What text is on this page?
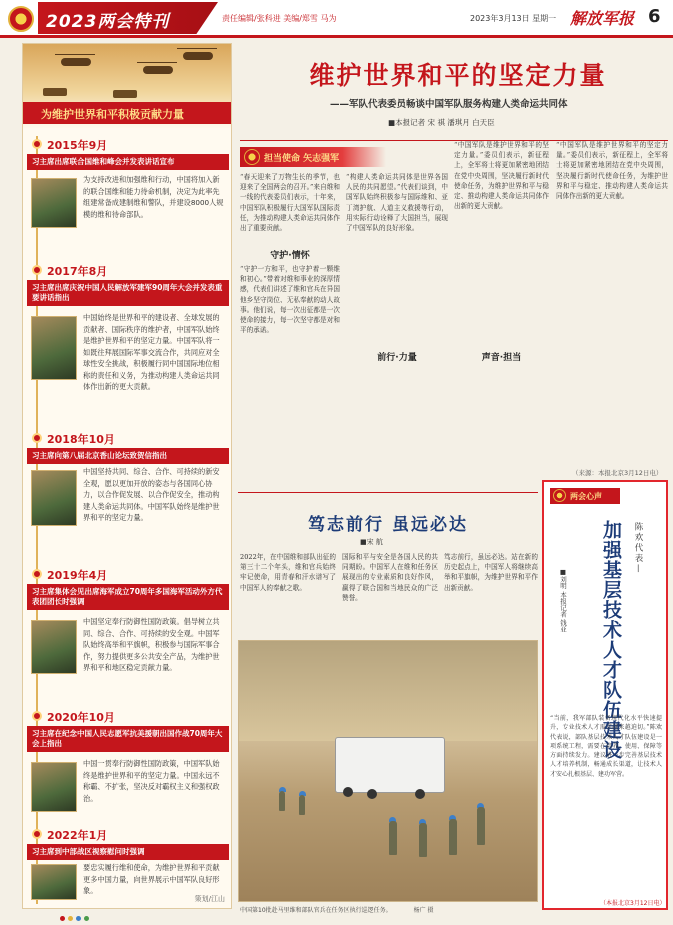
2023两会特刊	责任编辑/张科进 美编/郑雪 马为	2023年3月13日 星期一 解放军报 6
为维护世界和平积极贡献力量
2015年9月
习主席出席联合国维和峰会并发表讲话宣布
为支持改进和加强维和行动，中国将加入新的联合国维和能力待命机制，决定为此率先组建常备成建制维和警队，并建设8000人规模的维和待命部队。
2017年8月
习主席出席庆祝中国人民解放军建军90周年大会并发表重要讲话指出
中国始终是世界和平的建设者、全球发展的贡献者、国际秩序的维护者，中国军队始终是维护世界和平的坚定力量。中国军队将一如既往拜展国际军事交流合作，共同应对全球性安全挑战，积极履行同中国国际地位相称的责任和义务，为推动构建人类命运共同体作出新的更大贡献。
2018年10月
习主席向第八届北京香山论坛致贺信指出
中国坚持共同、综合、合作、可持续的新安全观，愿以更加开放的姿态与各国同心协力，以合作促发展、以合作促安全，推动构建人类命运共同体。中国军队始终是维护世界和平的坚定力量。
2019年4月
习主席集体会见出席海军成立70周年多国海军活动外方代表团团长时强调
中国坚定奉行防御性国防政策。倡导树立共同、综合、合作、可持续的安全观。中国军队始终高举和平旗帜，积极参与国际军事合作，努力提供更多公共安全产品，为维护世界和平和地区稳定贡献力量。
2020年10月
习主席在纪念中国人民志愿军抗美援朝出国作战70周年大会上指出
中国一贯奉行防御性国防政策，中国军队始终是维护世界和平的坚定力量。中国永远不称霸、不扩张，坚决反对霸权主义和强权政治。
2022年1月
习主席到中部战区视察慰问时强调
要忠实履行维和使命，为维护世界和平贡献更多中国力量，向世界展示中国军队良好形象。
策划/江山
维护世界和平的坚定力量
——军队代表委员畅谈中国军队服务构建人类命运共同体
■本报记者 宋 祺 潘琪月 白天臣
担当使命 矢志强军
“春天迎来了万物生长的季节，也迎来了全国两会的召开。”来自维和一线的代表委员们表示，十年来，中国军队积极履行大国军队国际责任，为推动构建人类命运共同体作出了重要贡献。
守护·情怀
“守护一方和平，也守护着一颗维和初心。”带着对维和事业的深厚情感，代表们讲述了维和官兵在异国他乡坚守岗位、无私奉献的动人故事。他们说，每一次出征都是一次使命的接力，每一次坚守都是对和平的承诺。
“构建人类命运共同体是世界各国人民的共同愿望。”代表们谈到，中国军队始终积极参与国际维和、亚丁湾护航、人道主义救援等行动，用实际行动诠释了大国担当，展现了中国军队的良好形象。
前行·力量
“中国军队是维护世界和平的坚定力量。”委员们表示，新征程上，全军将士将更加紧密地团结在党中央周围，坚决履行新时代使命任务，为维护世界和平与稳定、推动构建人类命运共同体作出新的更大贡献。
声音·担当
“中国军队是维护世界和平的坚定力量。”委员们表示，新征程上，全军将士将更加紧密地团结在党中央周围，坚决履行新时代使命任务，为维护世界和平与稳定、推动构建人类命运共同体作出新的更大贡献。
（来源：本报北京3月12日电）
笃志前行 虽远必达
■宋 航
2022年，在中国维和部队出征的第三十二个年头，维和官兵始终牢记使命，用青春和汗水谱写了中国军人的奉献之歌。
国际和平与安全是各国人民的共同期盼。中国军人在维和任务区展现出的专业素质和良好作风，赢得了联合国和当地民众的广泛赞誉。
笃志前行，虽远必达。站在新的历史起点上，中国军人将继续高举和平旗帜，为维护世界和平作出新贡献。
中国第10批赴马里维和部队官兵在任务区执行巡逻任务。	杨广 摄
两会心声
加强基层技术人才队伍建设 陈欢代表—
■刘明 本报记者 钱亚
“当前，我军部队装备现代化水平快速提升，专业技术人才需求越来越迫切。”陈欢代表说，部队基层技术人才队伍建设是一项系统工程，需要在培养、使用、保障等方面持续发力。建议进一步完善基层技术人才培养机制，畅通成长渠道，让技术人才安心扎根基层、建功军营。
（本报北京3月12日电）
